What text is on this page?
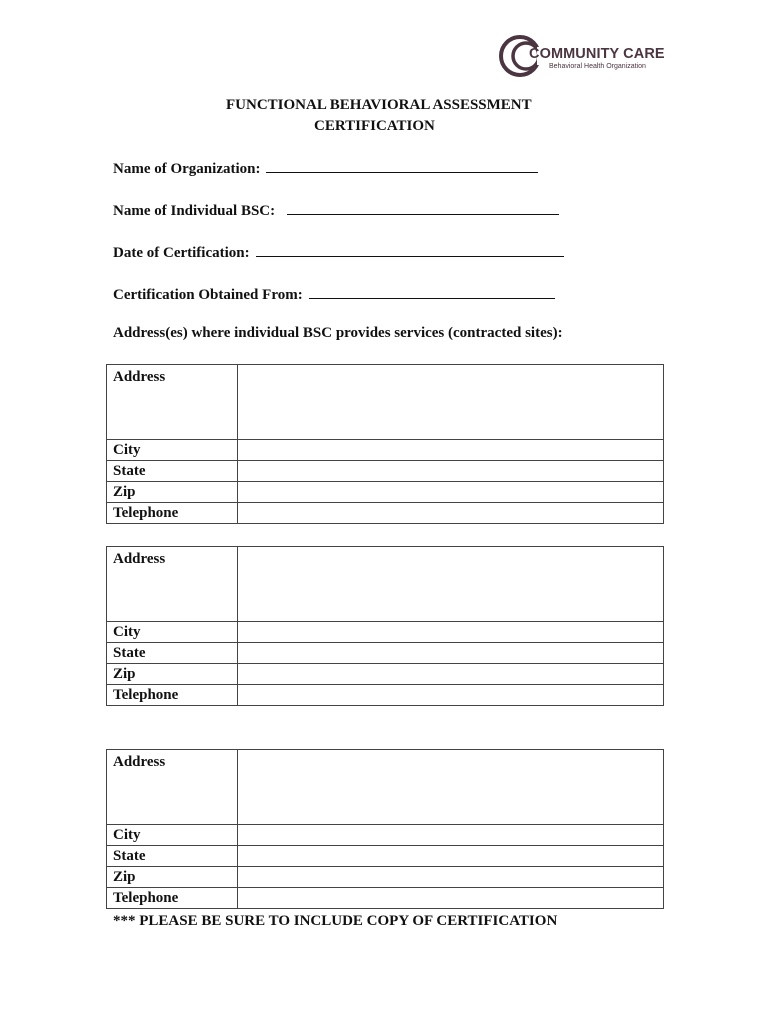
COMMUNITY CARE
Behavioral Health Organization
FUNCTIONAL BEHAVIORAL ASSESSMENT
CERTIFICATION
Name of Organization:
Name of Individual BSC:
Date of Certification:
Certification Obtained From:
Address(es) where individual BSC provides services (contracted sites):
Address	
City	
State	
Zip	
Telephone	
Address	
City	
State	
Zip	
Telephone	
Address	
City	
State	
Zip	
Telephone	
*** PLEASE BE SURE TO INCLUDE COPY OF CERTIFICATION
